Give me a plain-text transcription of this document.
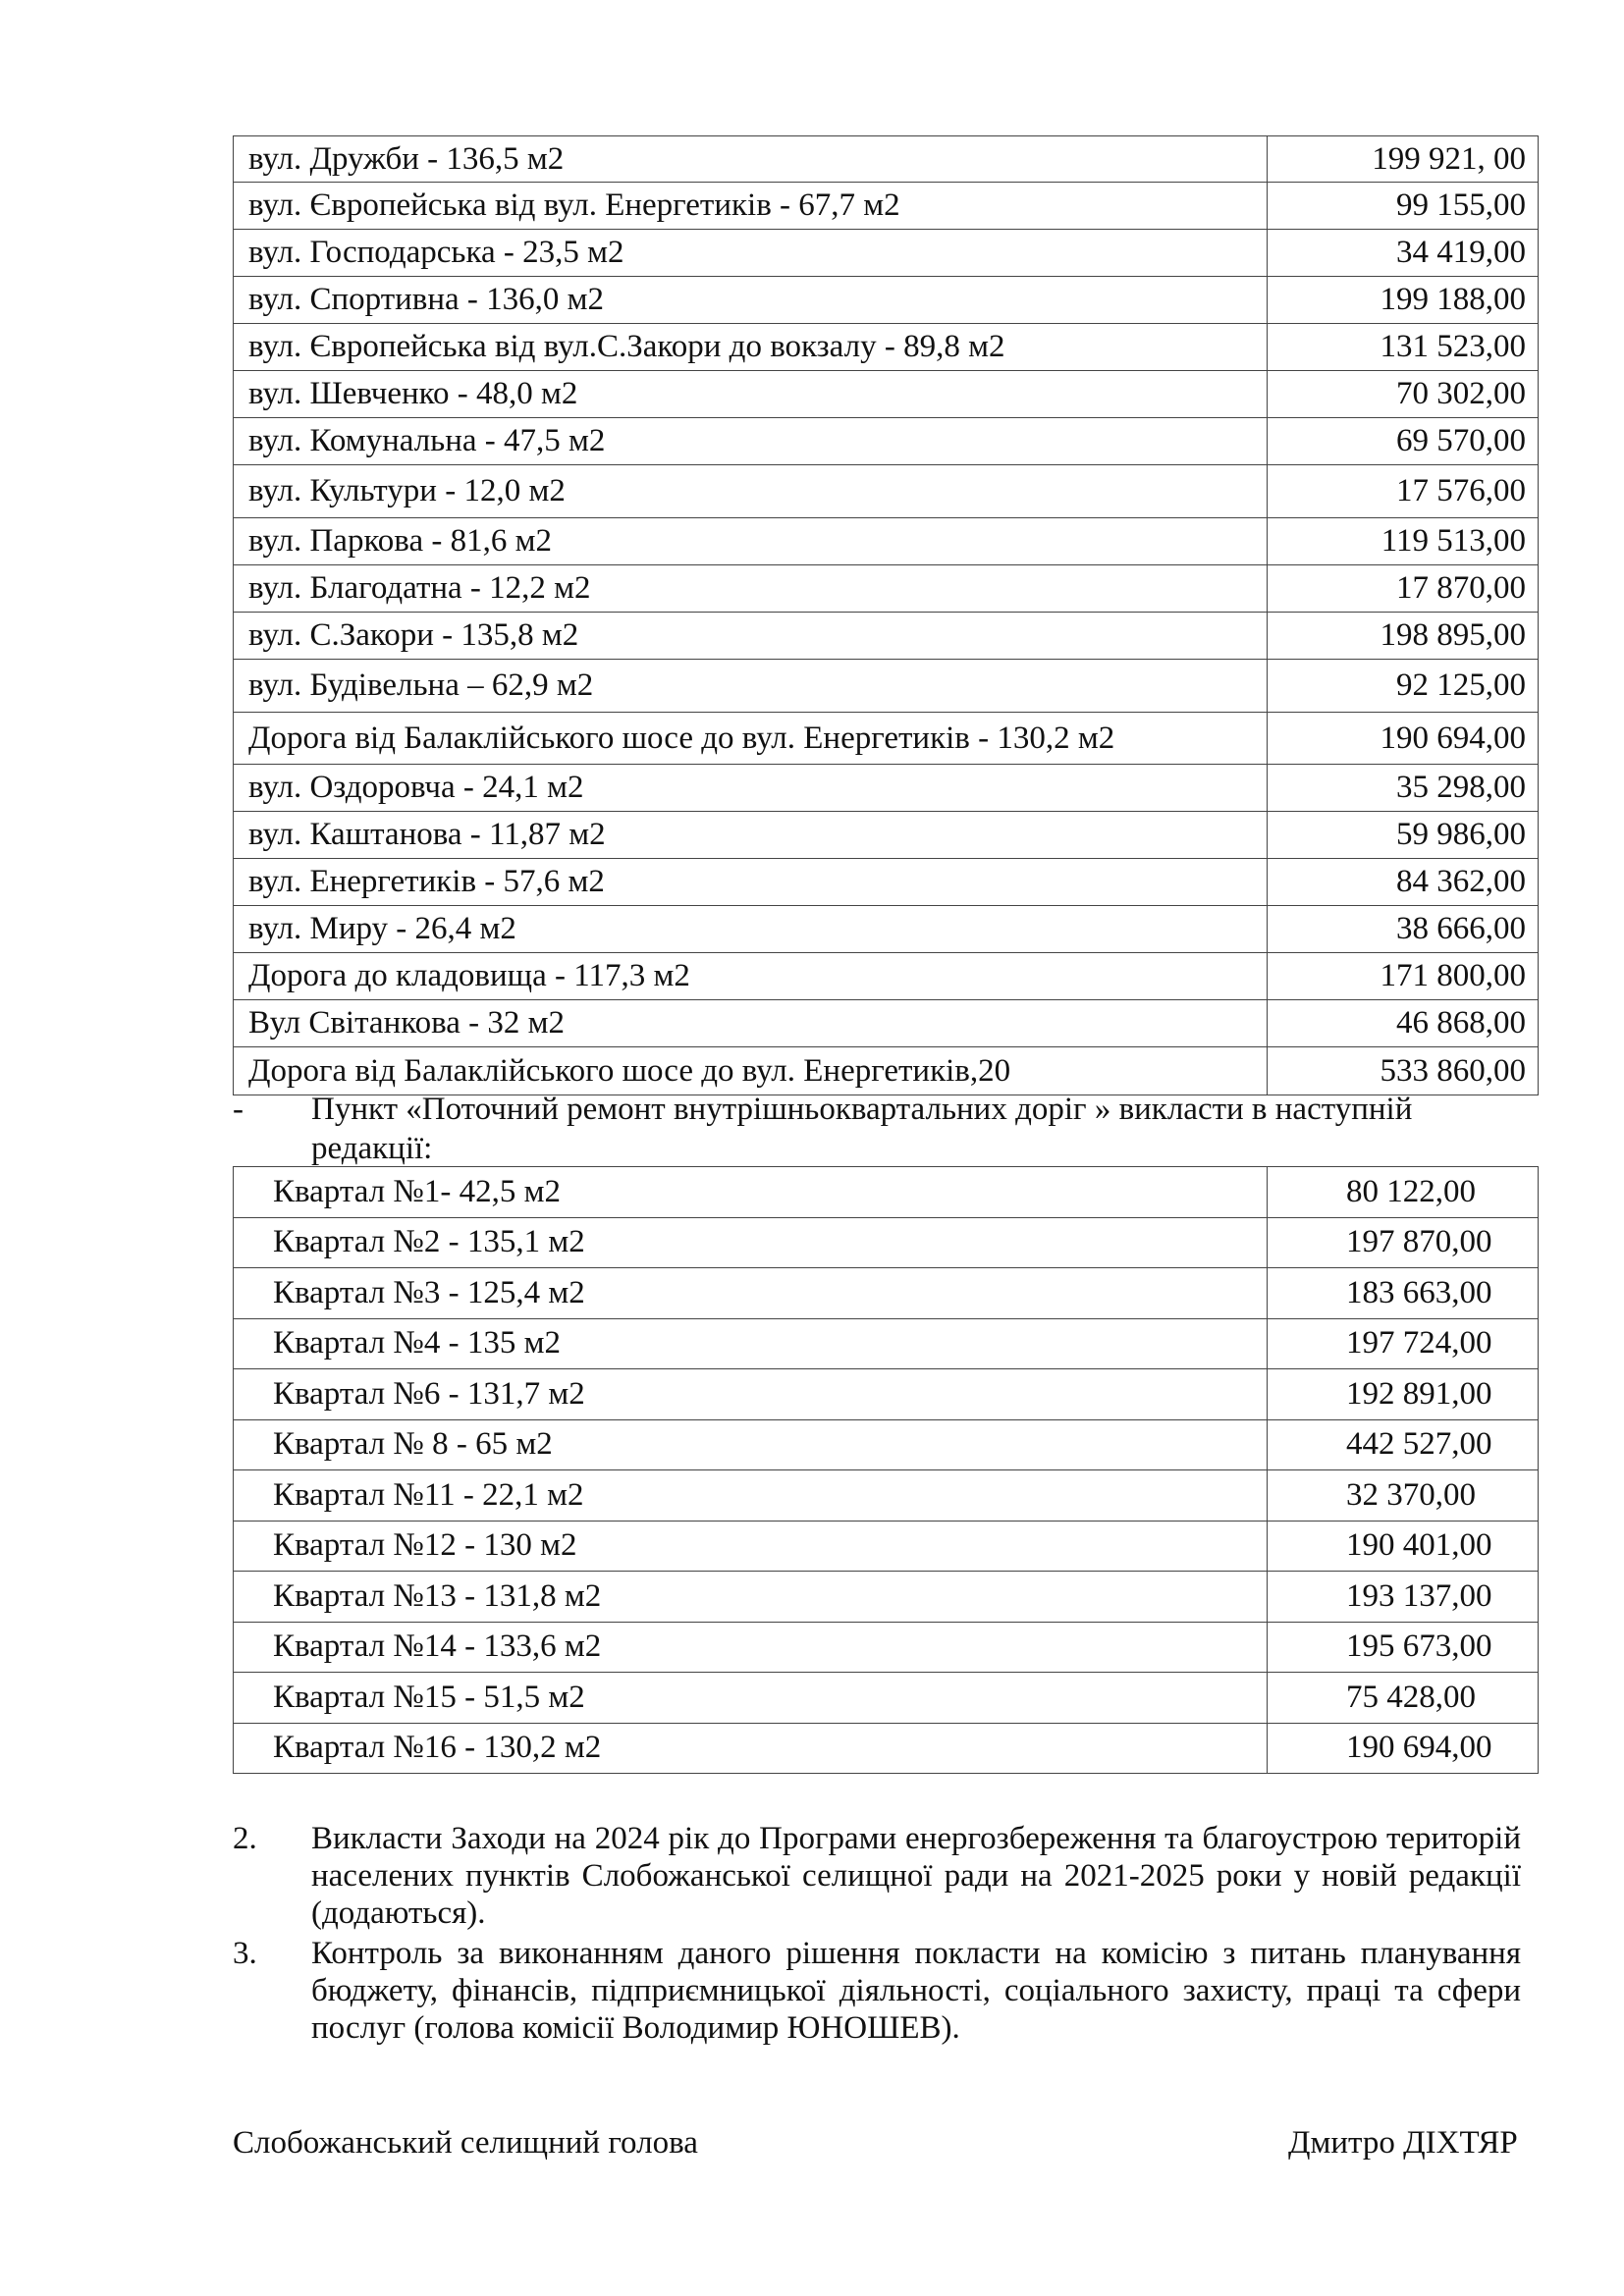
вул. Дружби - 136,5 м2	199 921, 00
вул. Європейська від вул. Енергетиків - 67,7 м2	99 155,00
вул. Господарська - 23,5 м2	34 419,00
вул. Спортивна - 136,0 м2	199 188,00
вул. Європейська від вул.С.Закори до вокзалу - 89,8 м2	131 523,00
вул. Шевченко - 48,0 м2	70 302,00
вул. Комунальна - 47,5 м2	69 570,00
вул. Культури - 12,0 м2	17 576,00
вул. Паркова - 81,6 м2	119 513,00
вул. Благодатна - 12,2 м2	17 870,00
вул. С.Закори - 135,8 м2	198 895,00
вул. Будівельна – 62,9 м2	92 125,00
Дорога від Балаклійського шосе до вул. Енергетиків - 130,2 м2	190 694,00
вул. Оздоровча - 24,1 м2	35 298,00
вул. Каштанова - 11,87 м2	59 986,00
вул. Енергетиків - 57,6 м2	84 362,00
вул. Миру - 26,4 м2	38 666,00
Дорога до кладовища - 117,3 м2	171 800,00
Вул Світанкова - 32 м2	46 868,00
Дорога від Балаклійського шосе до вул. Енергетиків,20	533 860,00
- Пункт «Поточний ремонт внутрішньоквартальних доріг » викласти в наступній редакції:
Квартал №1- 42,5 м2	80 122,00
Квартал №2 - 135,1 м2	197 870,00
Квартал №3 - 125,4 м2	183 663,00
Квартал №4 - 135 м2	197 724,00
Квартал №6 - 131,7 м2	192 891,00
Квартал № 8 - 65 м2	442 527,00
Квартал №11 - 22,1 м2	32 370,00
Квартал №12 - 130 м2	190 401,00
Квартал №13 - 131,8 м2	193 137,00
Квартал №14 - 133,6 м2	195 673,00
Квартал №15 - 51,5 м2	75 428,00
Квартал №16 - 130,2 м2	190 694,00
2. Викласти Заходи на 2024 рік до Програми енергозбереження та благоустрою територій населених пунктів Слобожанської селищної ради на 2021-2025 роки у новій редакції (додаються).
3. Контроль за виконанням даного рішення покласти на комісію з питань планування бюджету, фінансів, підприємницької діяльності, соціального захисту, праці та сфери послуг (голова комісії Володимир ЮНОШЕВ).
Слобожанський селищний голова	Дмитро ДІХТЯР
